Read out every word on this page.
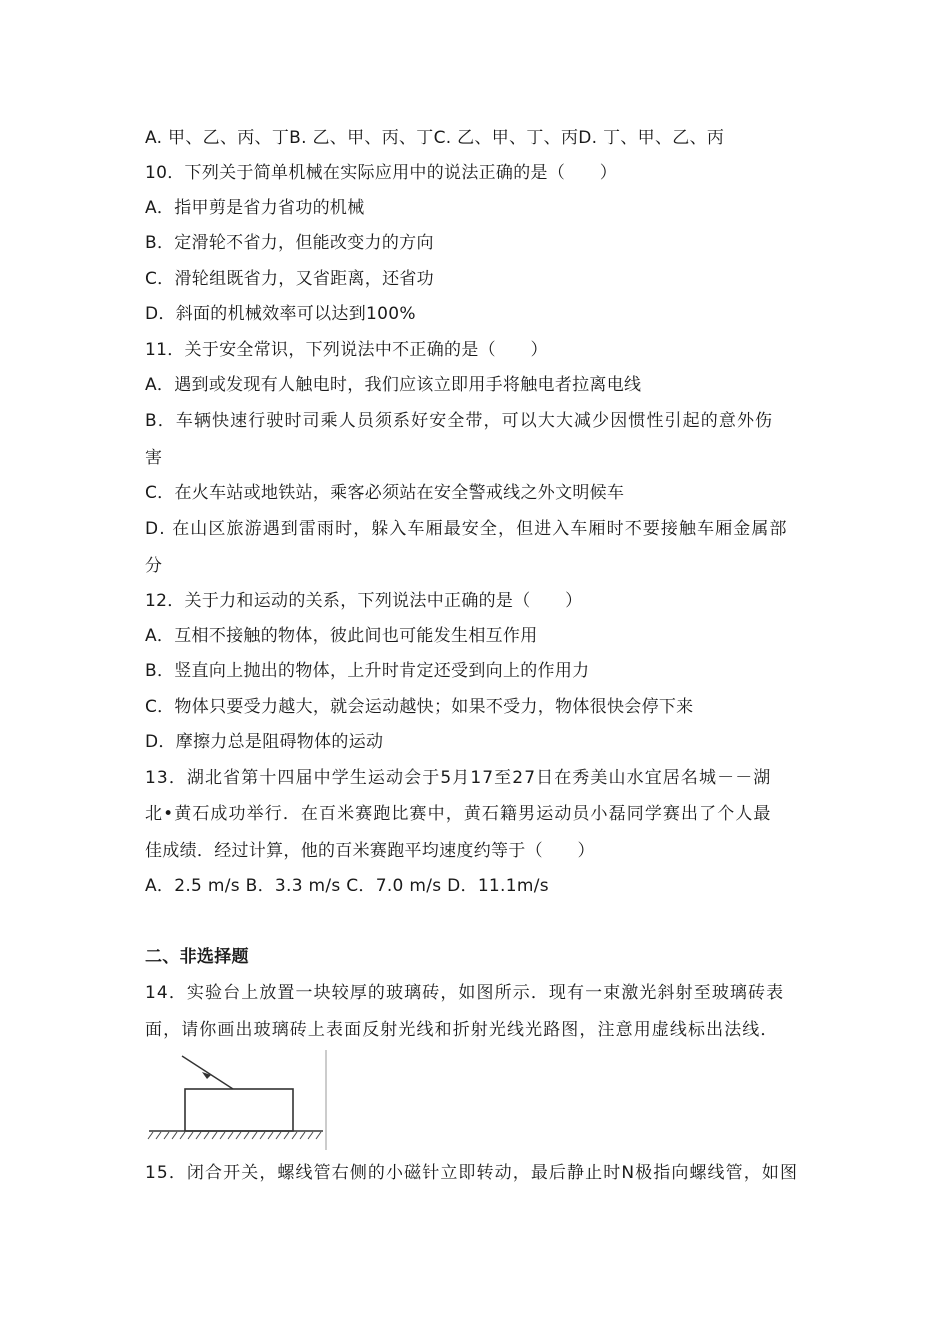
A. 甲、乙、丙、丁B. 乙、甲、丙、丁C. 乙、甲、丁、丙D. 丁、甲、乙、丙
10．下列关于简单机械在实际应用中的说法正确的是（　　）
A．指甲剪是省力省功的机械
B．定滑轮不省力，但能改变力的方向
C．滑轮组既省力，又省距离，还省功
D．斜面的机械效率可以达到100%
11．关于安全常识，下列说法中不正确的是（　　）
A．遇到或发现有人触电时，我们应该立即用手将触电者拉离电线
B．车辆快速行驶时司乘人员须系好安全带，可以大大减少因惯性引起的意外伤
害
C．在火车站或地铁站，乘客必须站在安全警戒线之外文明候车
D. 在山区旅游遇到雷雨时，躲入车厢最安全，但进入车厢时不要接触车厢金属部
分
12．关于力和运动的关系，下列说法中正确的是（　　）
A．互相不接触的物体，彼此间也可能发生相互作用
B．竖直向上抛出的物体，上升时肯定还受到向上的作用力
C．物体只要受力越大，就会运动越快；如果不受力，物体很快会停下来
D．摩擦力总是阻碍物体的运动
13．湖北省第十四届中学生运动会于5月17至27日在秀美山水宜居名城－－湖
北•黄石成功举行．在百米赛跑比赛中，黄石籍男运动员小磊同学赛出了个人最
佳成绩．经过计算，他的百米赛跑平均速度约等于（　　）
A．2.5 m/s B．3.3 m/s C．7.0 m/s D．11.1m/s
二、非选择题
14．实验台上放置一块较厚的玻璃砖，如图所示．现有一束激光斜射至玻璃砖表
面，请你画出玻璃砖上表面反射光线和折射光线光路图，注意用虚线标出法线．
15．闭合开关，螺线管右侧的小磁针立即转动，最后静止时N极指向螺线管，如图
